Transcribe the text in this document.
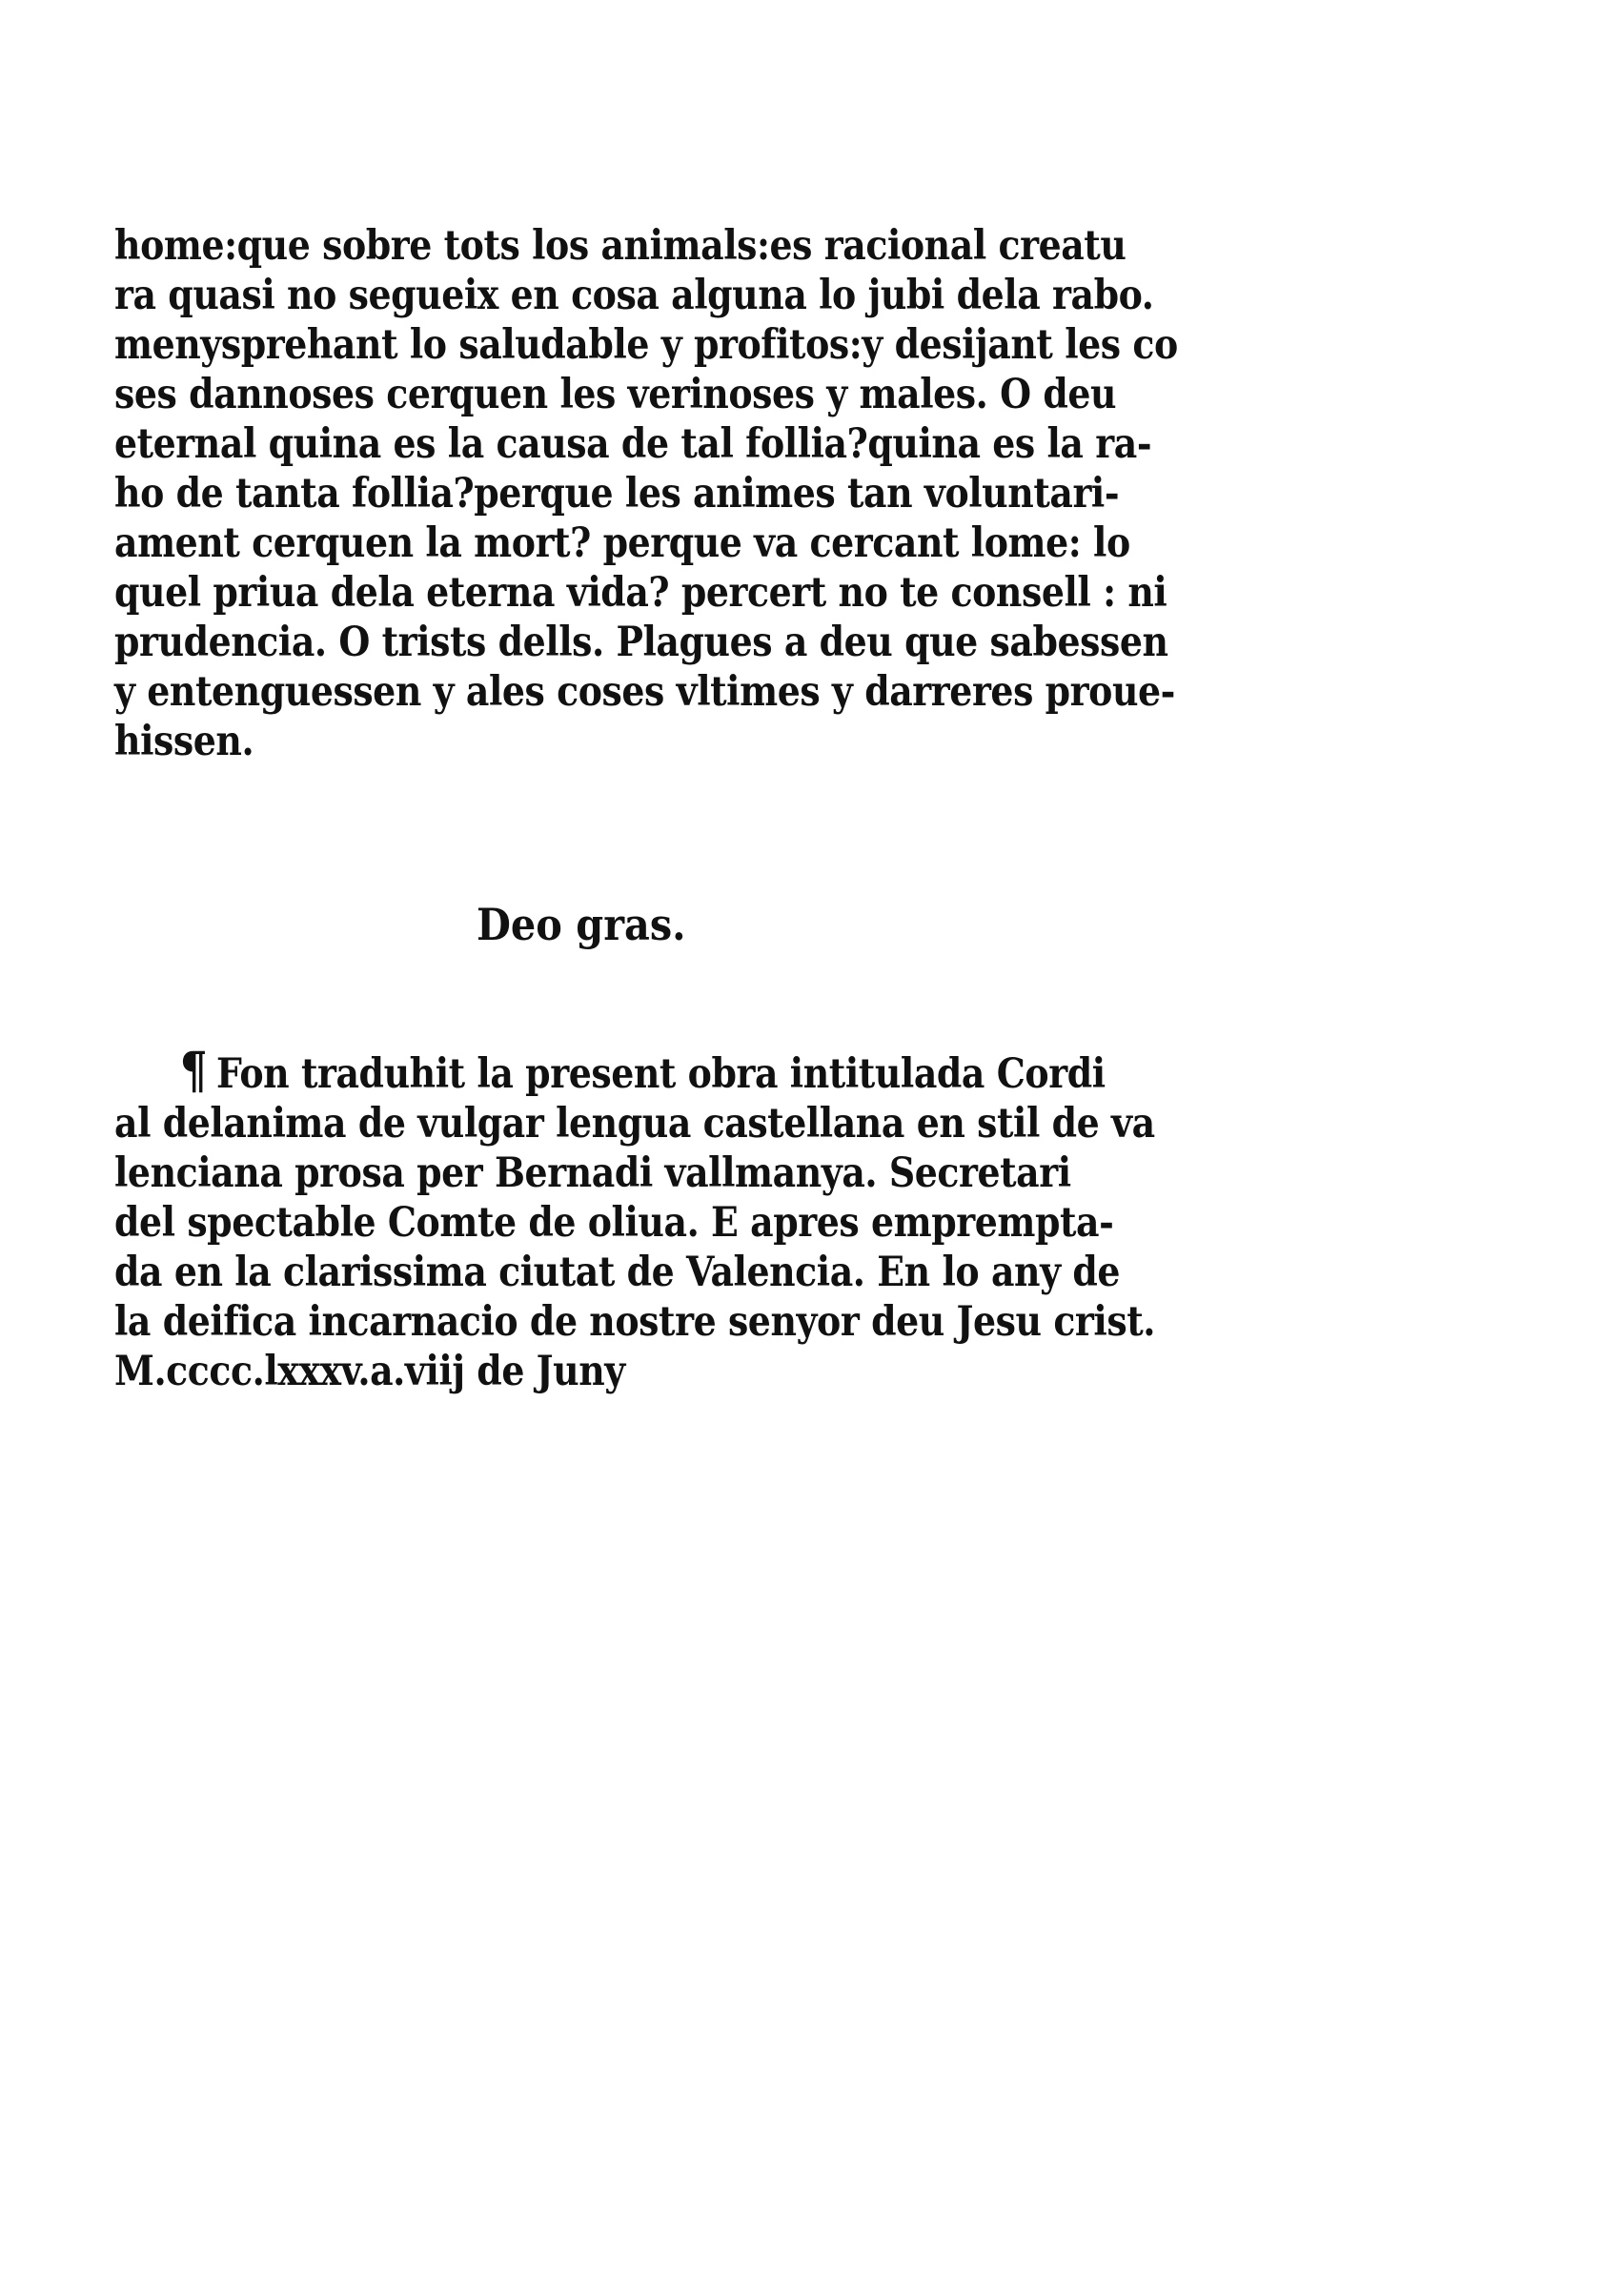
home:que sobre tots los animals:es racional creatu
ra quasi no segueix en cosa alguna lo jubi dela rabo.
menysprehant lo saludable y profitos:y desijant les co
ses dannoses cerquen les verinoses y males. O deu
eternal quina es la causa de tal follia?quina es la ra-
ho de tanta follia?perque les animes tan voluntari-
ament cerquen la mort? perque va cercant lome: lo
quel priua dela eterna vida? percert no te consell : ni
prudencia. O trists dells. Plagues a deu que sabessen
y entenguessen y ales coses vltimes y darreres proue-
hissen.
Deo gras.
¶ Fon traduhit la present obra intitulada Cordi
al delanima de vulgar lengua castellana en stil de va
lenciana prosa per Bernadi vallmanya. Secretari
del spectable Comte de oliua. E apres emprempta-
da en la clarissima ciutat de Valencia. En lo any de
la deifica incarnacio de nostre senyor deu Jesu crist.
M.cccc.lxxxv.a.viij de Juny
